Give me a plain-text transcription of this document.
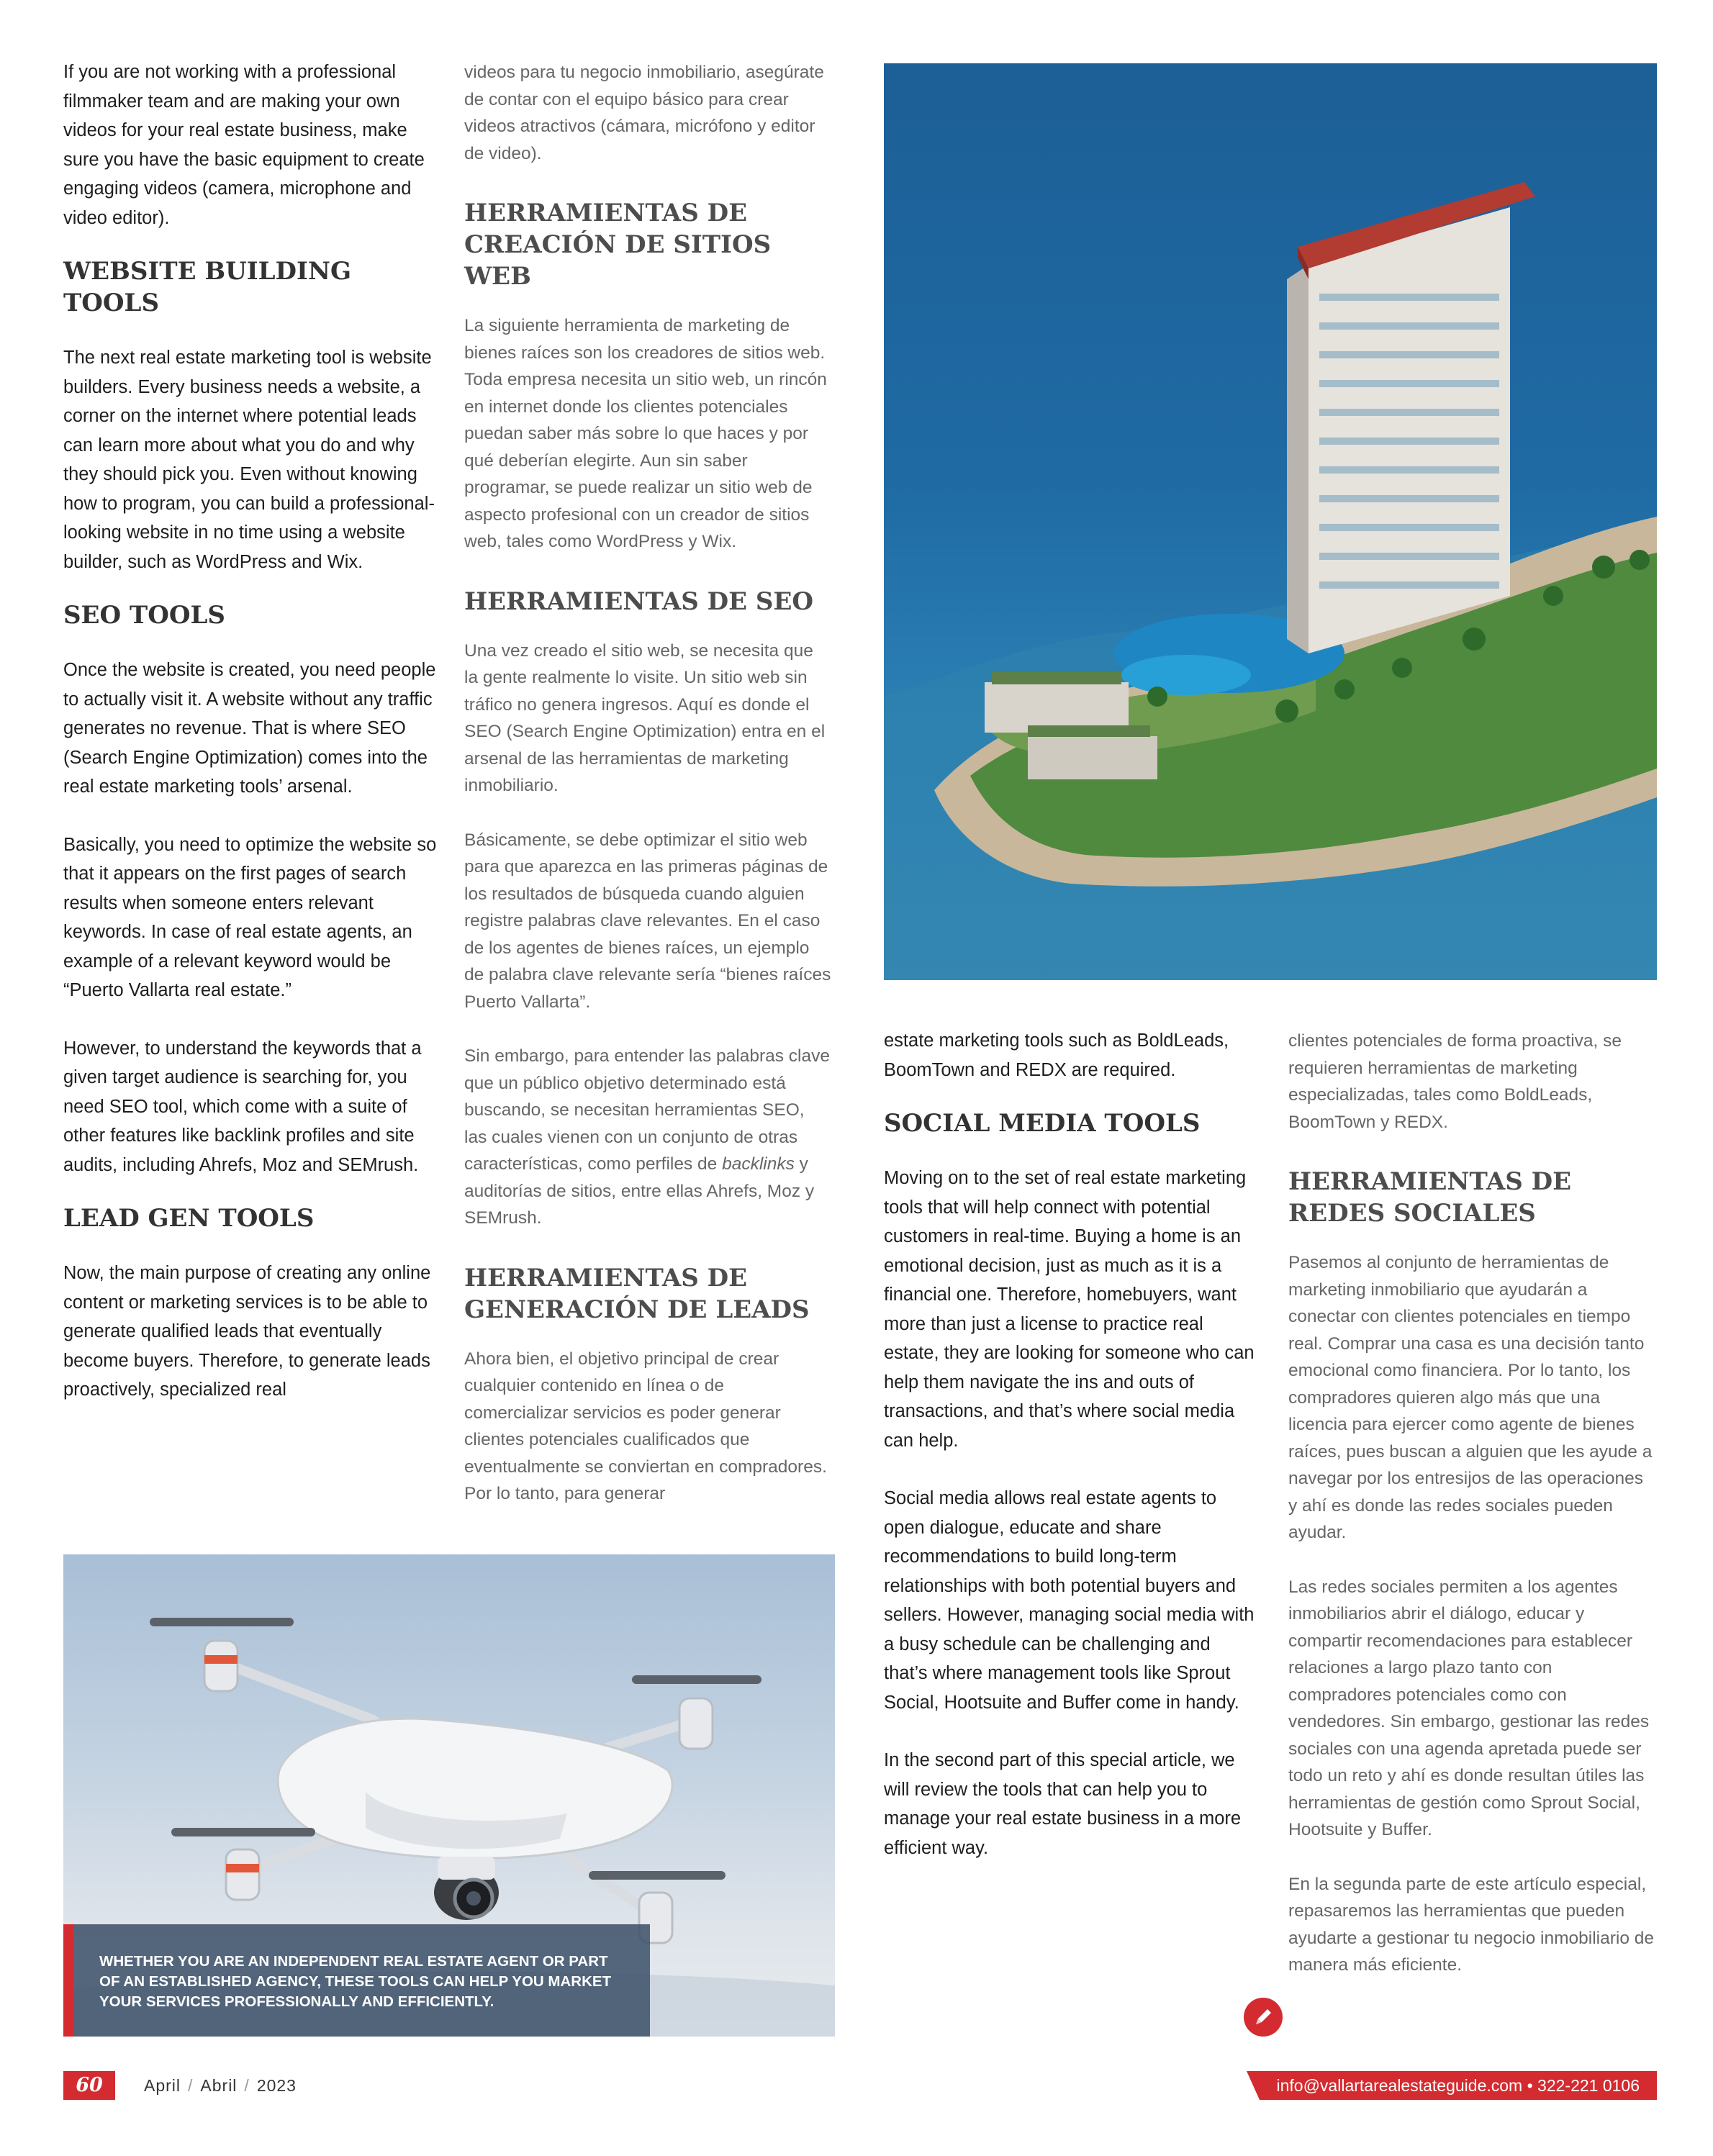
If you are not working with a professional filmmaker team and are making your own videos for your real estate business, make sure you have the basic equipment to create engaging videos (camera, microphone and video editor).

WEBSITE BUILDING TOOLS

The next real estate marketing tool is website builders. Every business needs a website, a corner on the internet where potential leads can learn more about what you do and why they should pick you. Even without knowing how to program, you can build a professional-looking website in no time using a website builder, such as WordPress and Wix.

SEO TOOLS

Once the website is created, you need people to actually visit it. A website without any traffic generates no revenue. That is where SEO (Search Engine Optimization) comes into the real estate marketing tools’ arsenal.

Basically, you need to optimize the website so that it appears on the first pages of search results when someone enters relevant keywords. In case of real estate agents, an example of a relevant keyword would be “Puerto Vallarta real estate.”

However, to understand the keywords that a given target audience is searching for, you need SEO tool, which come with a suite of other features like backlink profiles and site audits, including Ahrefs, Moz and SEMrush.

LEAD GEN TOOLS

Now, the main purpose of creating any online content or marketing services is to be able to generate qualified leads that eventually become buyers. Therefore, to generate leads proactively, specialized real

videos para tu negocio inmobiliario, asegúrate de contar con el equipo básico para crear videos atractivos (cámara, micrófono y editor de video).

HERRAMIENTAS DE CREACIÓN DE SITIOS WEB

La siguiente herramienta de marketing de bienes raíces son los creadores de sitios web. Toda empresa necesita un sitio web, un rincón en internet donde los clientes potenciales puedan saber más sobre lo que haces y por qué deberían elegirte. Aun sin saber programar, se puede realizar un sitio web de aspecto profesional con un creador de sitios web, tales como WordPress y Wix.

HERRAMIENTAS DE SEO

Una vez creado el sitio web, se necesita que la gente realmente lo visite. Un sitio web sin tráfico no genera ingresos. Aquí es donde el SEO (Search Engine Optimization) entra en el arsenal de las herramientas de marketing inmobiliario.

Básicamente, se debe optimizar el sitio web para que aparezca en las primeras páginas de los resultados de búsqueda cuando alguien registre palabras clave relevantes. En el caso de los agentes de bienes raíces, un ejemplo de palabra clave relevante sería “bienes raíces Puerto Vallarta”.

Sin embargo, para entender las palabras clave que un público objetivo determinado está buscando, se necesitan herramientas SEO, las cuales vienen con un conjunto de otras características, como perfiles de backlinks y auditorías de sitios, entre ellas Ahrefs, Moz y SEMrush.

HERRAMIENTAS DE GENERACIÓN DE LEADS

Ahora bien, el objetivo principal de crear cualquier contenido en línea o de comercializar servicios es poder generar clientes potenciales cualificados que eventualmente se conviertan en compradores. Por lo tanto, para generar

estate marketing tools such as BoldLeads, BoomTown and REDX are required.

SOCIAL MEDIA TOOLS

Moving on to the set of real estate marketing tools that will help connect with potential customers in real-time. Buying a home is an emotional decision, just as much as it is a financial one. Therefore, homebuyers, want more than just a license to practice real estate, they are looking for someone who can help them navigate the ins and outs of transactions, and that’s where social media can help.

Social media allows real estate agents to open dialogue, educate and share recommendations to build long-term relationships with both potential buyers and sellers. However, managing social media with a busy schedule can be challenging and that’s where management tools like Sprout Social, Hootsuite and Buffer come in handy.

In the second part of this special article, we will review the tools that can help you to manage your real estate business in a more efficient way.

clientes potenciales de forma proactiva, se requieren herramientas de marketing especializadas, tales como BoldLeads, BoomTown y REDX.

HERRAMIENTAS DE REDES SOCIALES

Pasemos al conjunto de herramientas de marketing inmobiliario que ayudarán a conectar con clientes potenciales en tiempo real. Comprar una casa es una decisión tanto emocional como financiera. Por lo tanto, los compradores quieren algo más que una licencia para ejercer como agente de bienes raíces, pues buscan a alguien que les ayude a navegar por los entresijos de las operaciones y ahí es donde las redes sociales pueden ayudar.

Las redes sociales permiten a los agentes inmobiliarios abrir el diálogo, educar y compartir recomendaciones para establecer relaciones a largo plazo tanto con compradores potenciales como con vendedores. Sin embargo, gestionar las redes sociales con una agenda apretada puede ser todo un reto y ahí es donde resultan útiles las herramientas de gestión como Sprout Social, Hootsuite y Buffer.

En la segunda parte de este artículo especial, repasaremos las herramientas que pueden ayudarte a gestionar tu negocio inmobiliario de manera más eficiente.

WHETHER YOU ARE AN INDEPENDENT REAL ESTATE AGENT OR PART OF AN ESTABLISHED AGENCY, THESE TOOLS CAN HELP YOU MARKET YOUR SERVICES PROFESSIONALLY AND EFFICIENTLY.
60	April / Abril / 2023	info@vallartarealestateguide.com • 322-221 0106
